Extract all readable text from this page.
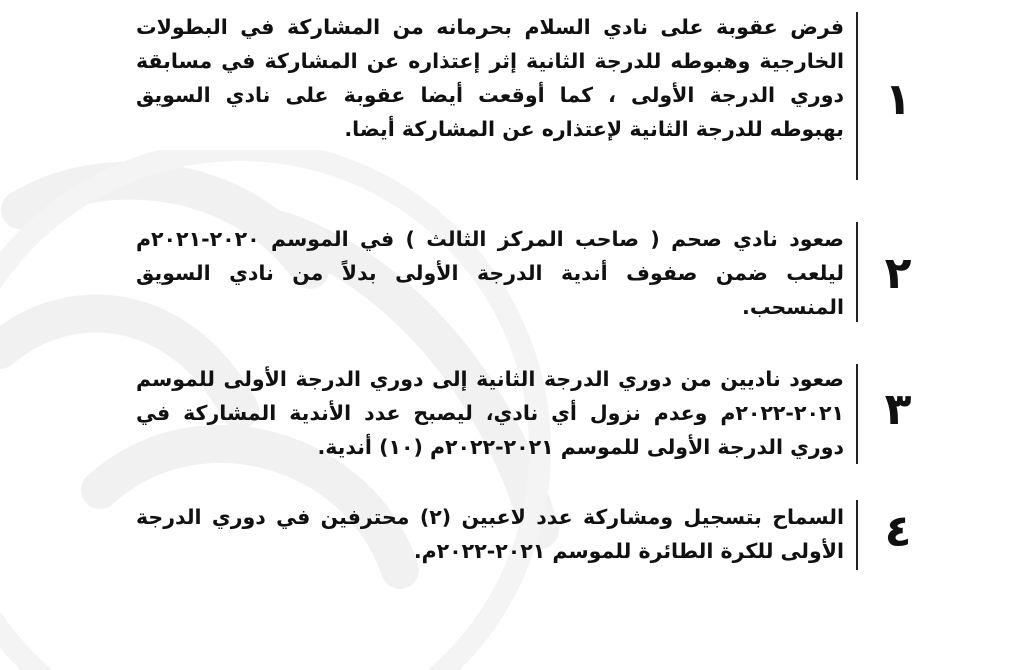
١
فرض عقوبة على نادي السلام بحرمانه من المشاركة في البطولات الخارجية وهبوطه للدرجة الثانية إثر إعتذاره عن المشاركة في مسابقة دوري الدرجة الأولى ، كما أوقعت أيضا عقوبة على نادي السويق بهبوطه للدرجة الثانية لإعتذاره عن المشاركة أيضا.
٢
صعود نادي صحم ( صاحب المركز الثالث ) في الموسم ٢٠٢٠-٢٠٢١م ليلعب ضمن صفوف أندية الدرجة الأولى بدلاً من نادي السويق المنسحب.
٣
صعود ناديين من دوري الدرجة الثانية إلى دوري الدرجة الأولى للموسم ٢٠٢١-٢٠٢٢م وعدم نزول أي نادي، ليصبح عدد الأندية المشاركة في دوري الدرجة الأولى للموسم ٢٠٢١-٢٠٢٢م (١٠) أندية.
٤
السماح بتسجيل ومشاركة عدد لاعبين (٢) محترفين في دوري الدرجة الأولى للكرة الطائرة للموسم ٢٠٢١-٢٠٢٢م.
